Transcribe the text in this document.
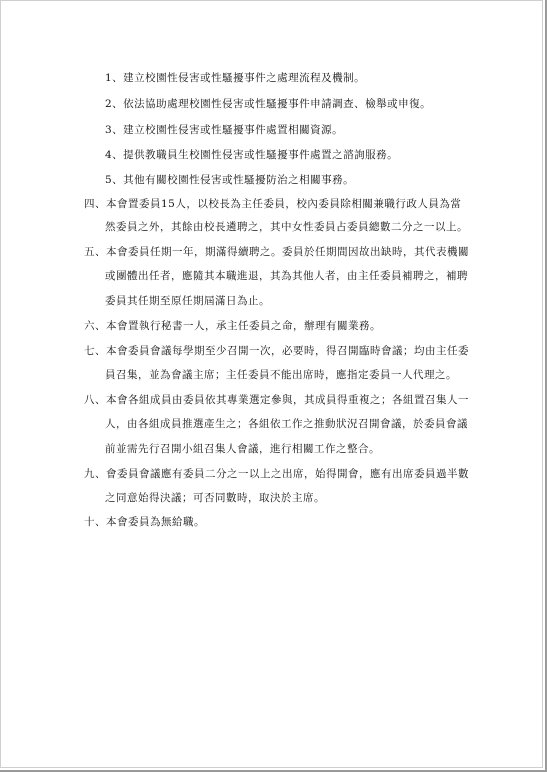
1、建立校園性侵害或性騷擾事件之處理流程及機制。
2、依法協助處理校園性侵害或性騷擾事件申請調查、檢舉或申復。
3、建立校園性侵害或性騷擾事件處置相關資源。
4、提供教職員生校園性侵害或性騷擾事件處置之諮詢服務。
5、其他有關校園性侵害或性騷擾防治之相關事務。
四、本會置委員15人，以校長為主任委員，校內委員除相關兼職行政人員為當
然委員之外，其餘由校長遴聘之，其中女性委員占委員總數二分之一以上。
五、本會委員任期一年，期滿得續聘之。委員於任期間因故出缺時，其代表機關
或團體出任者，應隨其本職進退，其為其他人者，由主任委員補聘之，補聘
委員其任期至原任期屆滿日為止。
六、本會置執行秘書一人，承主任委員之命，辦理有關業務。
七、本會委員會議每學期至少召開一次，必要時，得召開臨時會議；均由主任委
員召集，並為會議主席；主任委員不能出席時，應指定委員一人代理之。
八、本會各組成員由委員依其專業選定參與，其成員得重複之；各組置召集人一
人，由各組成員推選產生之；各組依工作之推動狀況召開會議，於委員會議
前並需先行召開小組召集人會議，進行相關工作之整合。
九、會委員會議應有委員二分之一以上之出席，始得開會，應有出席委員過半數
之同意始得決議；可否同數時，取決於主席。
十、本會委員為無給職。
